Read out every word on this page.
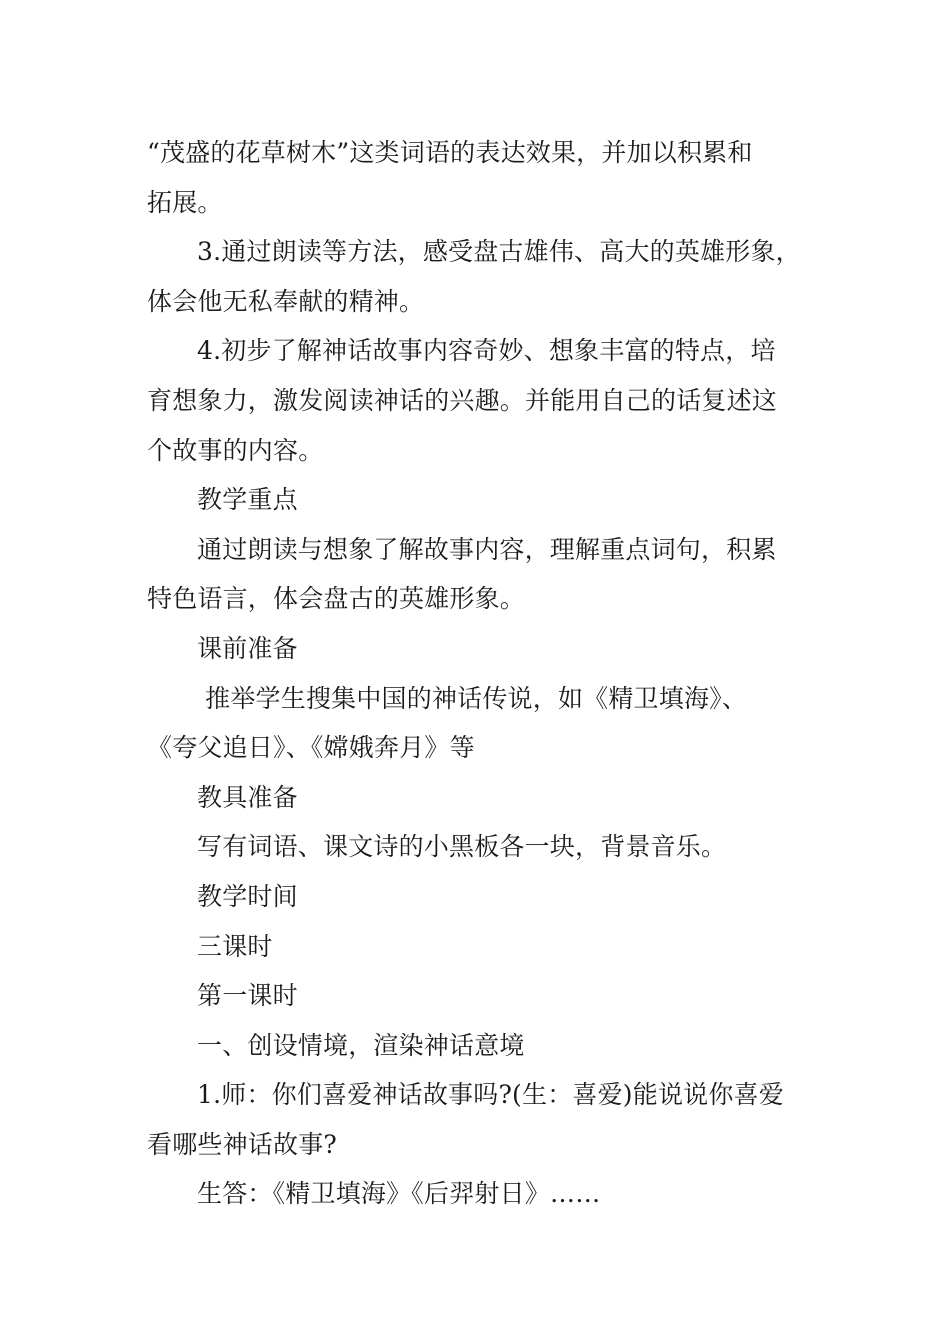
“茂盛的花草树木”这类词语的表达效果，并加以积累和
拓展。

3.通过朗读等方法，感受盘古雄伟、高大的英雄形象，
体会他无私奉献的精神。

4.初步了解神话故事内容奇妙、想象丰富的特点，培
育想象力，激发阅读神话的兴趣。并能用自己的话复述这
个故事的内容。

教学重点

通过朗读与想象了解故事内容，理解重点词句，积累
特色语言，体会盘古的英雄形象。

课前准备

推举学生搜集中国的神话传说，如《精卫填海》、
《夸父追日》、《嫦娥奔月》等

教具准备

写有词语、课文诗的小黑板各一块，背景音乐。

教学时间

三课时

第一课时

一、创设情境，渲染神话意境

1.师：你们喜爱神话故事吗?(生：喜爱)能说说你喜爱
看哪些神话故事?

生答：《精卫填海》《后羿射日》……
